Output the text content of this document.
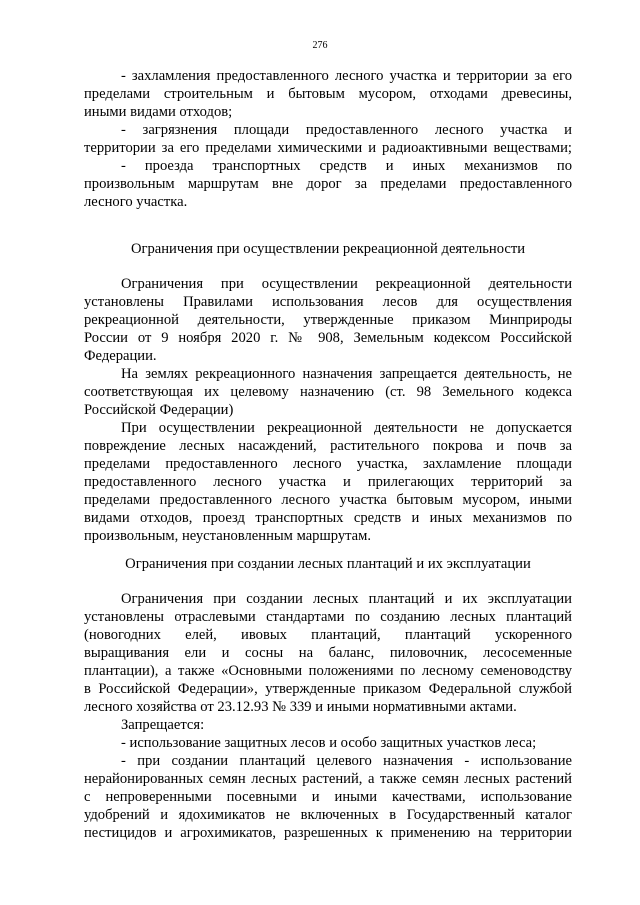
276
- захламления предоставленного лесного участка и территории за его
пределами строительным и бытовым мусором, отходами древесины,
иными видами отходов;
- загрязнения площади предоставленного лесного участка и
территории за его пределами химическими и радиоактивными веществами;
- проезда транспортных средств и иных механизмов по
произвольным маршрутам вне дорог за пределами предоставленного
лесного участка.
Ограничения при осуществлении рекреационной деятельности
Ограничения при осуществлении рекреационной деятельности
установлены Правилами использования лесов для осуществления
рекреационной деятельности, утвержденные приказом Минприроды
России от 9 ноября 2020 г. № 908, Земельным кодексом Российской
Федерации.
На землях рекреационного назначения запрещается деятельность, не
соответствующая их целевому назначению (ст. 98 Земельного кодекса
Российской Федерации)
При осуществлении рекреационной деятельности не допускается
повреждение лесных насаждений, растительного покрова и почв за
пределами предоставленного лесного участка, захламление площади
предоставленного лесного участка и прилегающих территорий за
пределами предоставленного лесного участка бытовым мусором, иными
видами отходов, проезд транспортных средств и иных механизмов по
произвольным, неустановленным маршрутам.
Ограничения при создании лесных плантаций и их эксплуатации
Ограничения при создании лесных плантаций и их эксплуатации
установлены отраслевыми стандартами по созданию лесных плантаций
(новогодних елей, ивовых плантаций, плантаций ускоренного
выращивания ели и сосны на баланс, пиловочник, лесосеменные
плантации), а также «Основными положениями по лесному семеноводству
в Российской Федерации», утвержденные приказом Федеральной службой
лесного хозяйства от 23.12.93 № 339 и иными нормативными актами.
Запрещается:
- использование защитных лесов и особо защитных участков леса;
- при создании плантаций целевого назначения - использование
нерайонированных семян лесных растений, а также семян лесных растений
с непроверенными посевными и иными качествами, использование
удобрений и ядохимикатов не включенных в Государственный каталог
пестицидов и агрохимикатов, разрешенных к применению на территории
